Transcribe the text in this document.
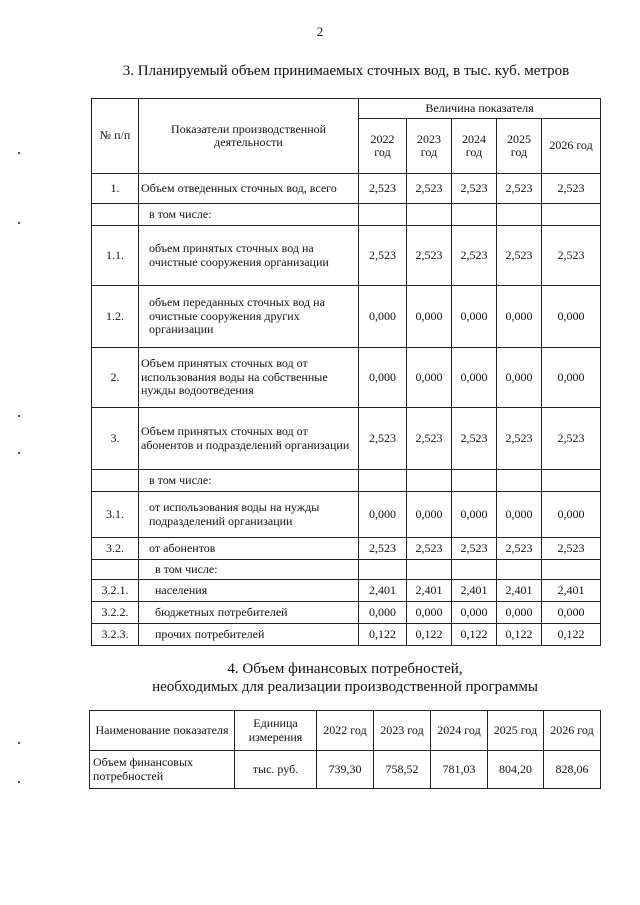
2
3. Планируемый объем принимаемых сточных вод, в тыс. куб. метров
№ п/п	Показатели производственной деятельности	Величина показателя				
		2022 год	2023 год	2024 год	2025 год	2026 год
1.	Объем отведенных сточных вод, всего	2,523	2,523	2,523	2,523	2,523
	в том числе:					
1.1.	объем принятых сточных вод на очистные сооружения организации	2,523	2,523	2,523	2,523	2,523
1.2.	объем переданных сточных вод на очистные сооружения других организации	0,000	0,000	0,000	0,000	0,000
2.	Объем принятых сточных вод от использования воды на собственные нужды водоотведения	0,000	0,000	0,000	0,000	0,000
3.	Объем принятых сточных вод от абонентов и подразделений организации	2,523	2,523	2,523	2,523	2,523
	в том числе:					
3.1.	от использования воды на нужды подразделений организации	0,000	0,000	0,000	0,000	0,000
3.2.	от абонентов	2,523	2,523	2,523	2,523	2,523
	в том числе:					
3.2.1.	населения	2,401	2,401	2,401	2,401	2,401
3.2.2.	бюджетных потребителей	0,000	0,000	0,000	0,000	0,000
3.2.3.	прочих потребителей	0,122	0,122	0,122	0,122	0,122
4. Объем финансовых потребностей,
необходимых для реализации производственной программы
Наименование показателя	Единица измерения	2022 год	2023 год	2024 год	2025 год	2026 год
Объем финансовых потребностей	тыс. руб.	739,30	758,52	781,03	804,20	828,06
